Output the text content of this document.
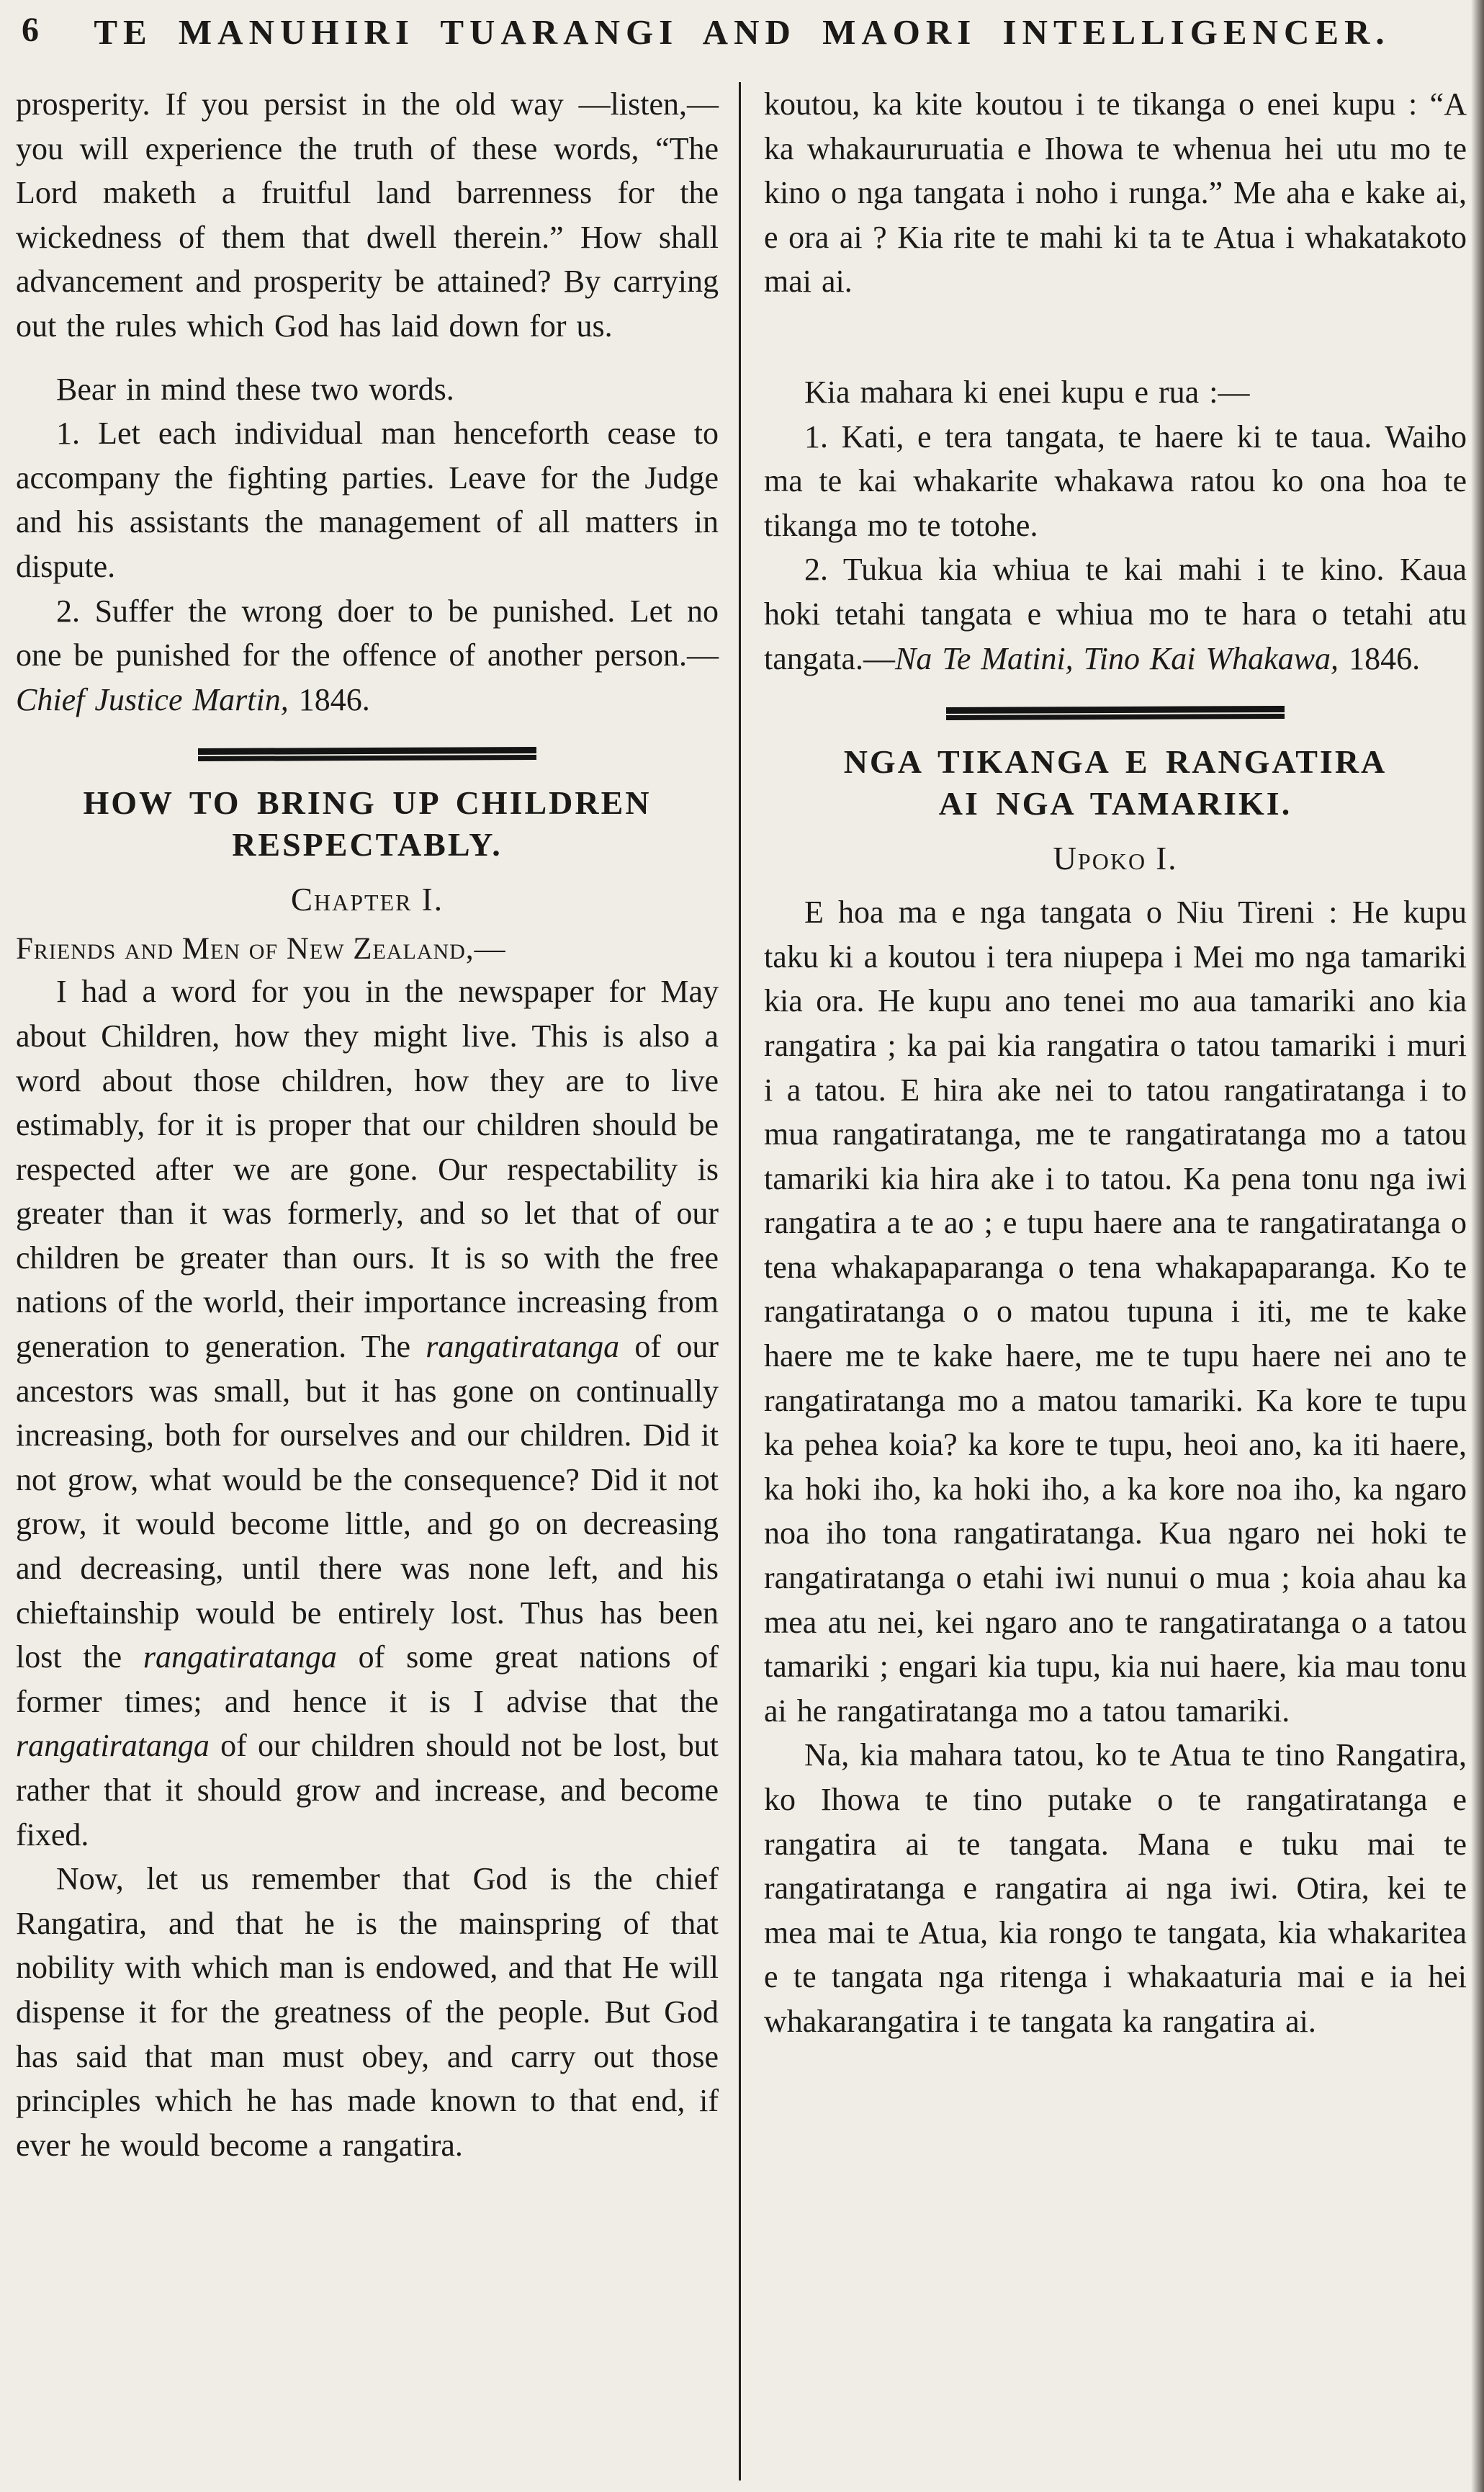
6	TE MANUHIRI TUARANGI AND MAORI INTELLIGENCER.

prosperity. If you persist in the old way —listen,—you will experience the truth of these words, “The Lord maketh a fruitful land barrenness for the wickedness of them that dwell therein.” How shall advancement and prosperity be attained? By carrying out the rules which God has laid down for us.

Bear in mind these two words.

1. Let each individual man henceforth cease to accompany the fighting parties. Leave for the Judge and his assistants the management of all matters in dispute.

2. Suffer the wrong doer to be punished. Let no one be punished for the offence of another person.—Chief Justice Martin, 1846.

HOW TO BRING UP CHILDREN RESPECTABLY.
Chapter I.
Friends and Men of New Zealand,—

I had a word for you in the newspaper for May about Children, how they might live. This is also a word about those children, how they are to live estimably, for it is proper that our children should be respected after we are gone. Our respectability is greater than it was formerly, and so let that of our children be greater than ours. It is so with the free nations of the world, their importance increasing from generation to generation. The rangatiratanga of our ancestors was small, but it has gone on continually increasing, both for ourselves and our children. Did it not grow, what would be the consequence? Did it not grow, it would become little, and go on decreasing and decreasing, until there was none left, and his chieftainship would be entirely lost. Thus has been lost the rangatiratanga of some great nations of former times; and hence it is I advise that the rangatiratanga of our children should not be lost, but rather that it should grow and increase, and become fixed.

Now, let us remember that God is the chief Rangatira, and that he is the mainspring of that nobility with which man is endowed, and that He will dispense it for the greatness of the people. But God has said that man must obey, and carry out those principles which he has made known to that end, if ever he would become a rangatira.

koutou, ka kite koutou i te tikanga o enei kupu : “A ka whakaururuatia e Ihowa te whenua hei utu mo te kino o nga tangata i noho i runga.” Me aha e kake ai, e ora ai ? Kia rite te mahi ki ta te Atua i whakatakoto mai ai.

Kia mahara ki enei kupu e rua :—

1. Kati, e tera tangata, te haere ki te taua. Waiho ma te kai whakarite whakawa ratou ko ona hoa te tikanga mo te totohe.

2. Tukua kia whiua te kai mahi i te kino. Kaua hoki tetahi tangata e whiua mo te hara o tetahi atu tangata.—Na Te Matini, Tino Kai Whakawa, 1846.

NGA TIKANGA E RANGATIRA AI NGA TAMARIKI.
Upoko I.

E hoa ma e nga tangata o Niu Tireni : He kupu taku ki a koutou i tera niupepa i Mei mo nga tamariki kia ora. He kupu ano tenei mo aua tamariki ano kia rangatira ; ka pai kia rangatira o tatou tamariki i muri i a tatou. E hira ake nei to tatou rangatiratanga i to mua rangatiratanga, me te rangatiratanga mo a tatou tamariki kia hira ake i to tatou. Ka pena tonu nga iwi rangatira a te ao ; e tupu haere ana te rangatiratanga o tena whakapaparanga o tena whakapaparanga. Ko te rangatiratanga o o matou tupuna i iti, me te kake haere me te kake haere, me te tupu haere nei ano te rangatiratanga mo a matou tamariki. Ka kore te tupu ka pehea koia? ka kore te tupu, heoi ano, ka iti haere, ka hoki iho, ka hoki iho, a ka kore noa iho, ka ngaro noa iho tona rangatiratanga. Kua ngaro nei hoki te rangatiratanga o etahi iwi nunui o mua ; koia ahau ka mea atu nei, kei ngaro ano te rangatiratanga o a tatou tamariki ; engari kia tupu, kia nui haere, kia mau tonu ai he rangatiratanga mo a tatou tamariki.

Na, kia mahara tatou, ko te Atua te tino Rangatira, ko Ihowa te tino putake o te rangatiratanga e rangatira ai te tangata. Mana e tuku mai te rangatiratanga e rangatira ai nga iwi. Otira, kei te mea mai te Atua, kia rongo te tangata, kia whakaritea e te tangata nga ritenga i whakaaturia mai e ia hei whakarangatira i te tangata ka rangatira ai.
